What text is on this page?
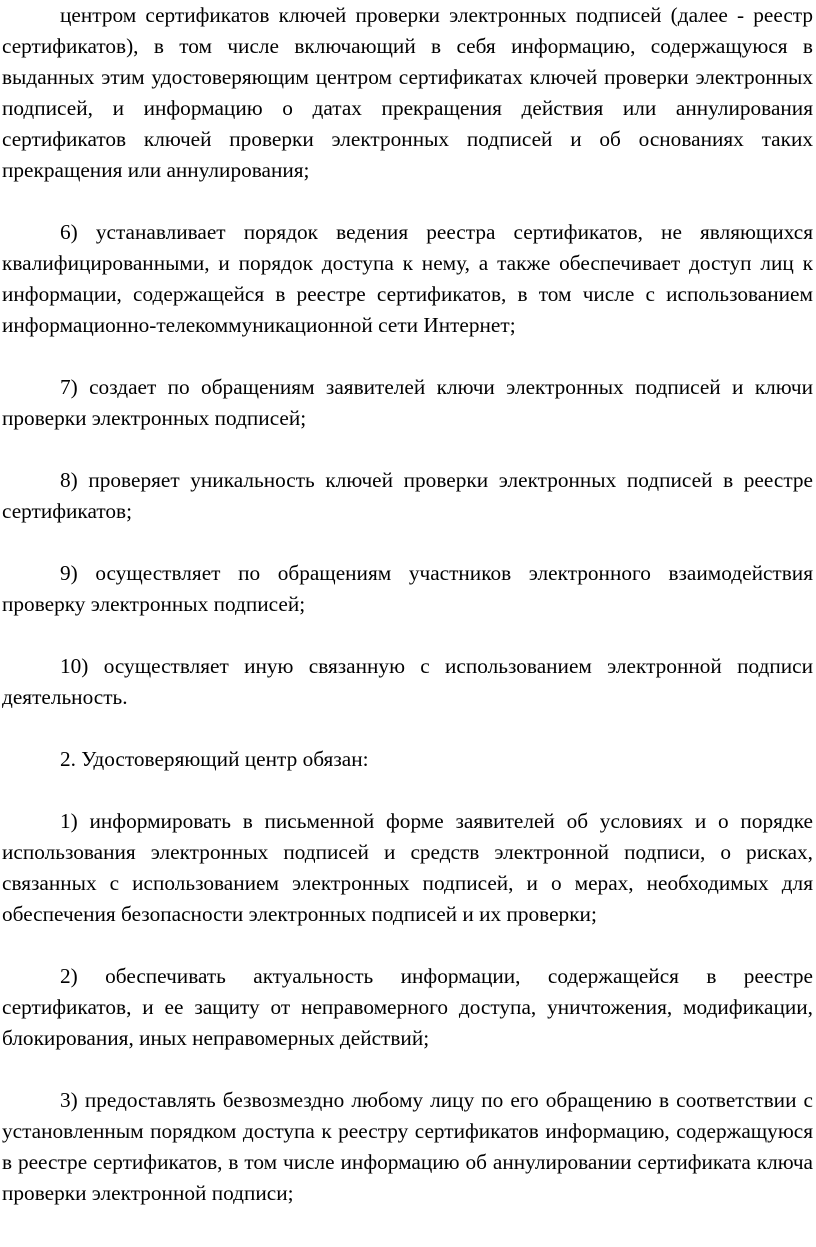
центром сертификатов ключей проверки электронных подписей (далее - реестр сертификатов), в том числе включающий в себя информацию, содержащуюся в выданных этим удостоверяющим центром сертификатах ключей проверки электронных подписей, и информацию о датах прекращения действия или аннулирования сертификатов ключей проверки электронных подписей и об основаниях таких прекращения или аннулирования;

6) устанавливает порядок ведения реестра сертификатов, не являющихся квалифицированными, и порядок доступа к нему, а также обеспечивает доступ лиц к информации, содержащейся в реестре сертификатов, в том числе с использованием информационно-телекоммуникационной сети Интернет;

7) создает по обращениям заявителей ключи электронных подписей и ключи проверки электронных подписей;

8) проверяет уникальность ключей проверки электронных подписей в реестре сертификатов;

9) осуществляет по обращениям участников электронного взаимодействия проверку электронных подписей;

10) осуществляет иную связанную с использованием электронной подписи деятельность.

2. Удостоверяющий центр обязан:

1) информировать в письменной форме заявителей об условиях и о порядке использования электронных подписей и средств электронной подписи, о рисках, связанных с использованием электронных подписей, и о мерах, необходимых для обеспечения безопасности электронных подписей и их проверки;

2) обеспечивать актуальность информации, содержащейся в реестре сертификатов, и ее защиту от неправомерного доступа, уничтожения, модификации, блокирования, иных неправомерных действий;

3) предоставлять безвозмездно любому лицу по его обращению в соответствии с установленным порядком доступа к реестру сертификатов информацию, содержащуюся в реестре сертификатов, в том числе информацию об аннулировании сертификата ключа проверки электронной подписи;
